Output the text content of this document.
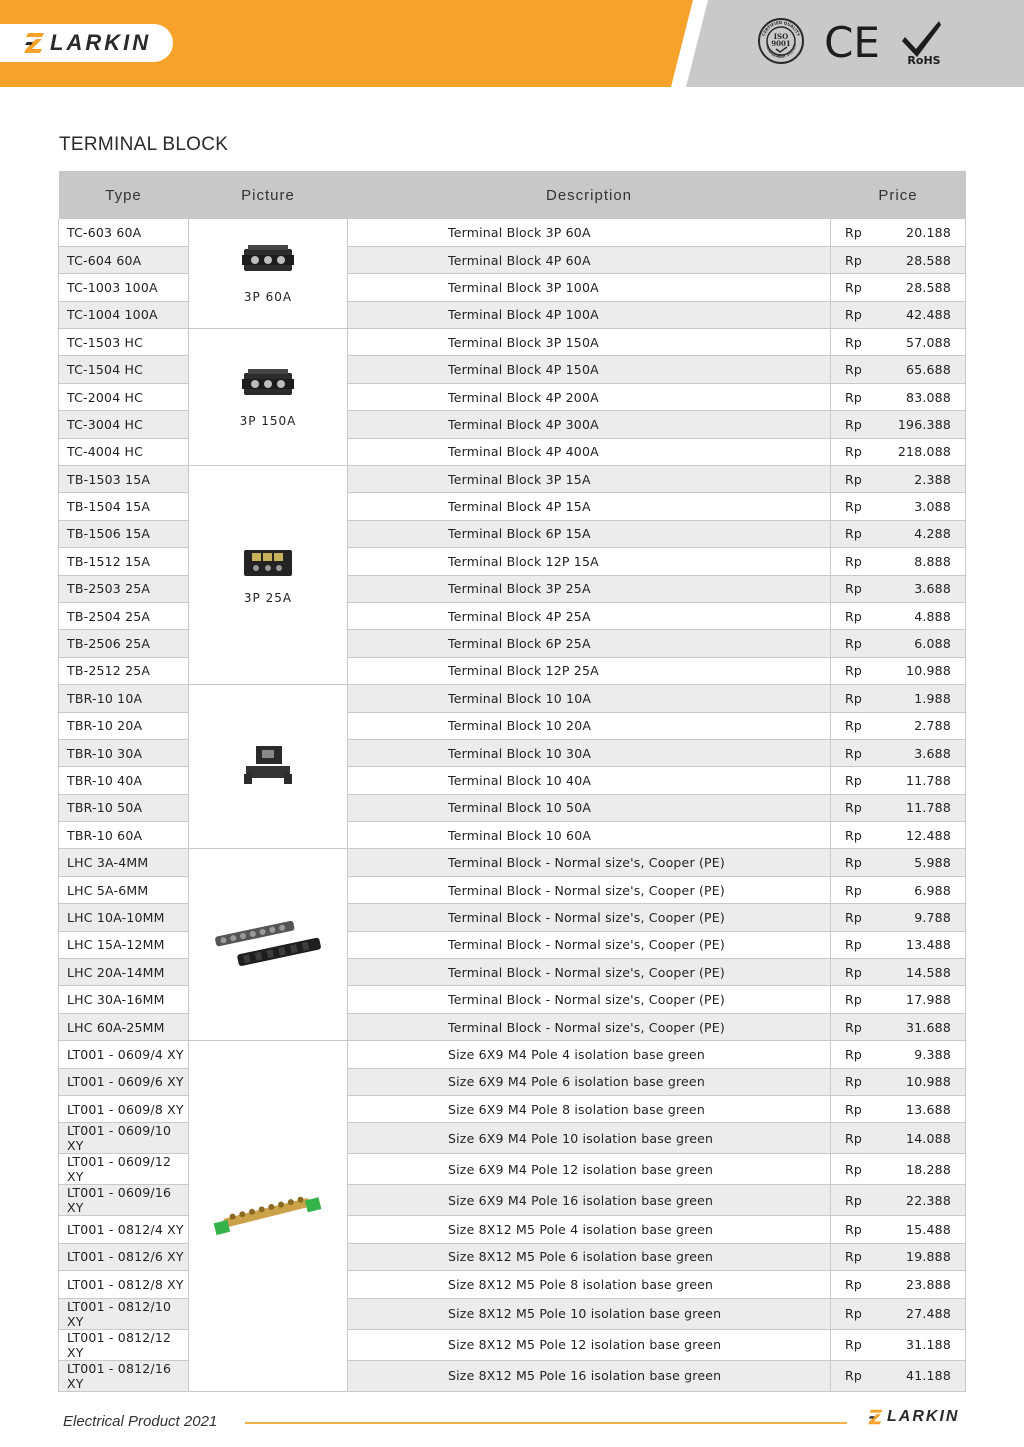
LARKIN	CERTIFIED QUALITY
MANAGEMENT SYSTEM
ISO
9001 CE RoHS
TERMINAL BLOCK
Type	Picture	Description	Price	
TC-603 60A	3P 60A	Terminal Block 3P 60A	Rp	20.188
TC-604 60A		Terminal Block 4P 60A	Rp	28.588
TC-1003 100A		Terminal Block 3P 100A	Rp	28.588
TC-1004 100A		Terminal Block 4P 100A	Rp	42.488
TC-1503 HC	3P 150A	Terminal Block 3P 150A	Rp	57.088
TC-1504 HC		Terminal Block 4P 150A	Rp	65.688
TC-2004 HC		Terminal Block 4P 200A	Rp	83.088
TC-3004 HC		Terminal Block 4P 300A	Rp	196.388
TC-4004 HC		Terminal Block 4P 400A	Rp	218.088
TB-1503 15A	3P 25A	Terminal Block 3P 15A	Rp	2.388
TB-1504 15A		Terminal Block 4P 15A	Rp	3.088
TB-1506 15A		Terminal Block 6P 15A	Rp	4.288
TB-1512 15A		Terminal Block 12P 15A	Rp	8.888
TB-2503 25A		Terminal Block 3P 25A	Rp	3.688
TB-2504 25A		Terminal Block 4P 25A	Rp	4.888
TB-2506 25A		Terminal Block 6P 25A	Rp	6.088
TB-2512 25A		Terminal Block 12P 25A	Rp	10.988
TBR-10 10A		Terminal Block 10 10A	Rp	1.988
TBR-10 20A		Terminal Block 10 20A	Rp	2.788
TBR-10 30A		Terminal Block 10 30A	Rp	3.688
TBR-10 40A		Terminal Block 10 40A	Rp	11.788
TBR-10 50A		Terminal Block 10 50A	Rp	11.788
TBR-10 60A		Terminal Block 10 60A	Rp	12.488
LHC 3A-4MM		Terminal Block - Normal size's, Cooper (PE)	Rp	5.988
LHC 5A-6MM		Terminal Block - Normal size's, Cooper (PE)	Rp	6.988
LHC 10A-10MM		Terminal Block - Normal size's, Cooper (PE)	Rp	9.788
LHC 15A-12MM		Terminal Block - Normal size's, Cooper (PE)	Rp	13.488
LHC 20A-14MM		Terminal Block - Normal size's, Cooper (PE)	Rp	14.588
LHC 30A-16MM		Terminal Block - Normal size's, Cooper (PE)	Rp	17.988
LHC 60A-25MM		Terminal Block - Normal size's, Cooper (PE)	Rp	31.688
LT001 - 0609/4 XY		Size 6X9 M4 Pole 4 isolation base green	Rp	9.388
LT001 - 0609/6 XY		Size 6X9 M4 Pole 6 isolation base green	Rp	10.988
LT001 - 0609/8 XY		Size 6X9 M4 Pole 8 isolation base green	Rp	13.688
LT001 - 0609/10 XY		Size 6X9 M4 Pole 10 isolation base green	Rp	14.088
LT001 - 0609/12 XY		Size 6X9 M4 Pole 12 isolation base green	Rp	18.288
LT001 - 0609/16 XY		Size 6X9 M4 Pole 16 isolation base green	Rp	22.388
LT001 - 0812/4 XY		Size 8X12 M5 Pole 4 isolation base green	Rp	15.488
LT001 - 0812/6 XY		Size 8X12 M5 Pole 6 isolation base green	Rp	19.888
LT001 - 0812/8 XY		Size 8X12 M5 Pole 8 isolation base green	Rp	23.888
LT001 - 0812/10 XY		Size 8X12 M5 Pole 10 isolation base green	Rp	27.488
LT001 - 0812/12 XY		Size 8X12 M5 Pole 12 isolation base green	Rp	31.188
LT001 - 0812/16 XY		Size 8X12 M5 Pole 16 isolation base green	Rp	41.188
Electrical Product 2021	LARKIN
